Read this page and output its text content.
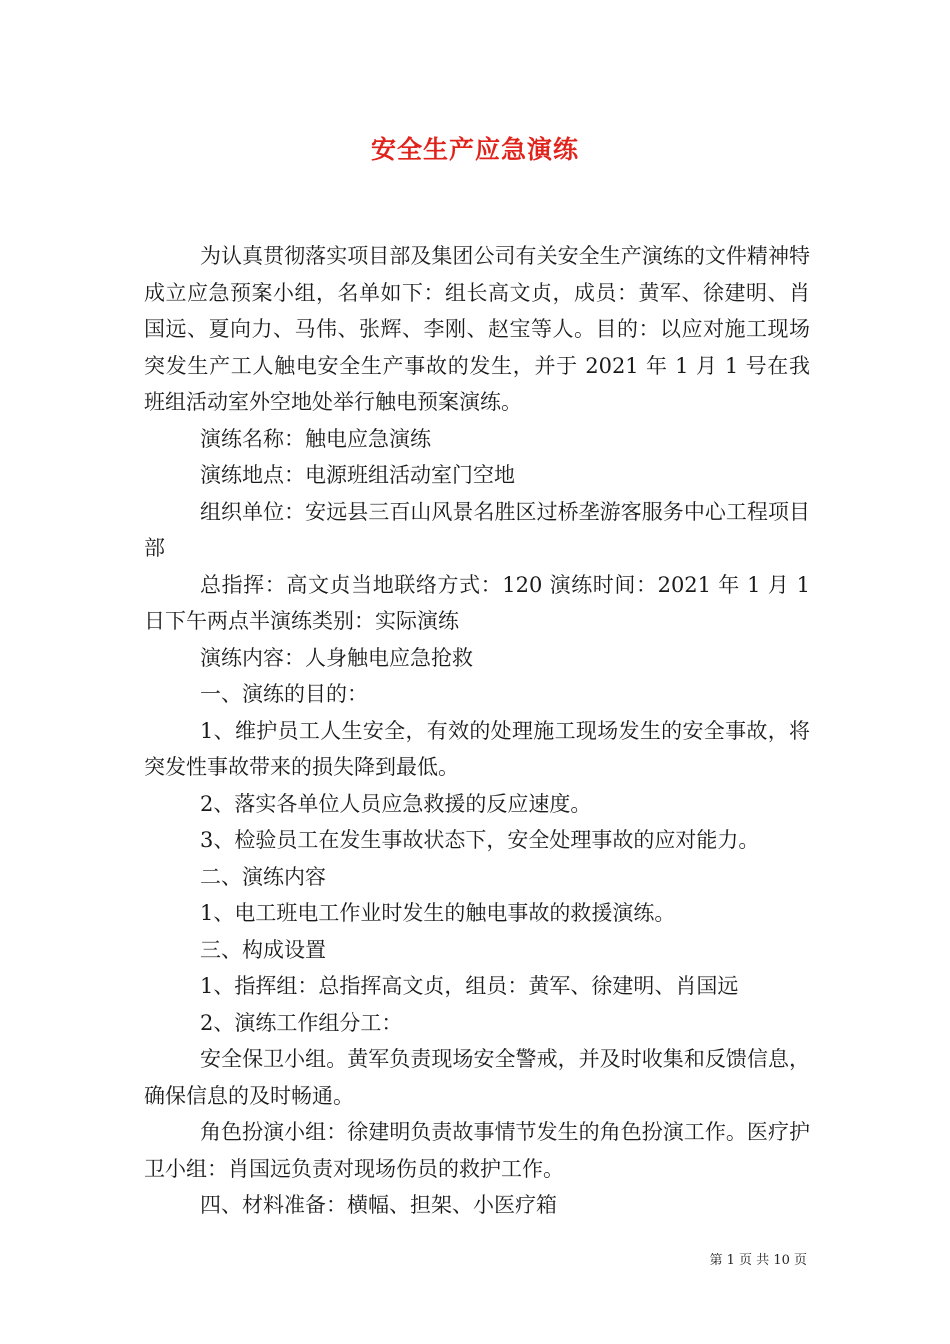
安全生产应急演练

为认真贯彻落实项目部及集团公司有关安全生产演练的文件精神特成立应急预案小组，名单如下：组长高文贞，成员：黄军、徐建明、肖国远、夏向力、马伟、张辉、李刚、赵宝等人。目的：以应对施工现场突发生产工人触电安全生产事故的发生，并于 2021 年 1 月 1 号在我班组活动室外空地处举行触电预案演练。

演练名称：触电应急演练

演练地点：电源班组活动室门空地

组织单位：安远县三百山风景名胜区过桥垄游客服务中心工程项目部

总指挥：高文贞当地联络方式：120 演练时间：2021 年 1 月 1 日下午两点半演练类别：实际演练

演练内容：人身触电应急抢救

一、演练的目的：

1、维护员工人生安全，有效的处理施工现场发生的安全事故，将突发性事故带来的损失降到最低。

2、落实各单位人员应急救援的反应速度。

3、检验员工在发生事故状态下，安全处理事故的应对能力。

二、演练内容

1、电工班电工作业时发生的触电事故的救援演练。

三、构成设置

1、指挥组：总指挥高文贞，组员：黄军、徐建明、肖国远

2、演练工作组分工：

安全保卫小组。黄军负责现场安全警戒，并及时收集和反馈信息，确保信息的及时畅通。

角色扮演小组：徐建明负责故事情节发生的角色扮演工作。医疗护卫小组：肖国远负责对现场伤员的救护工作。

四、材料准备：横幅、担架、小医疗箱

第 1 页 共 10 页
